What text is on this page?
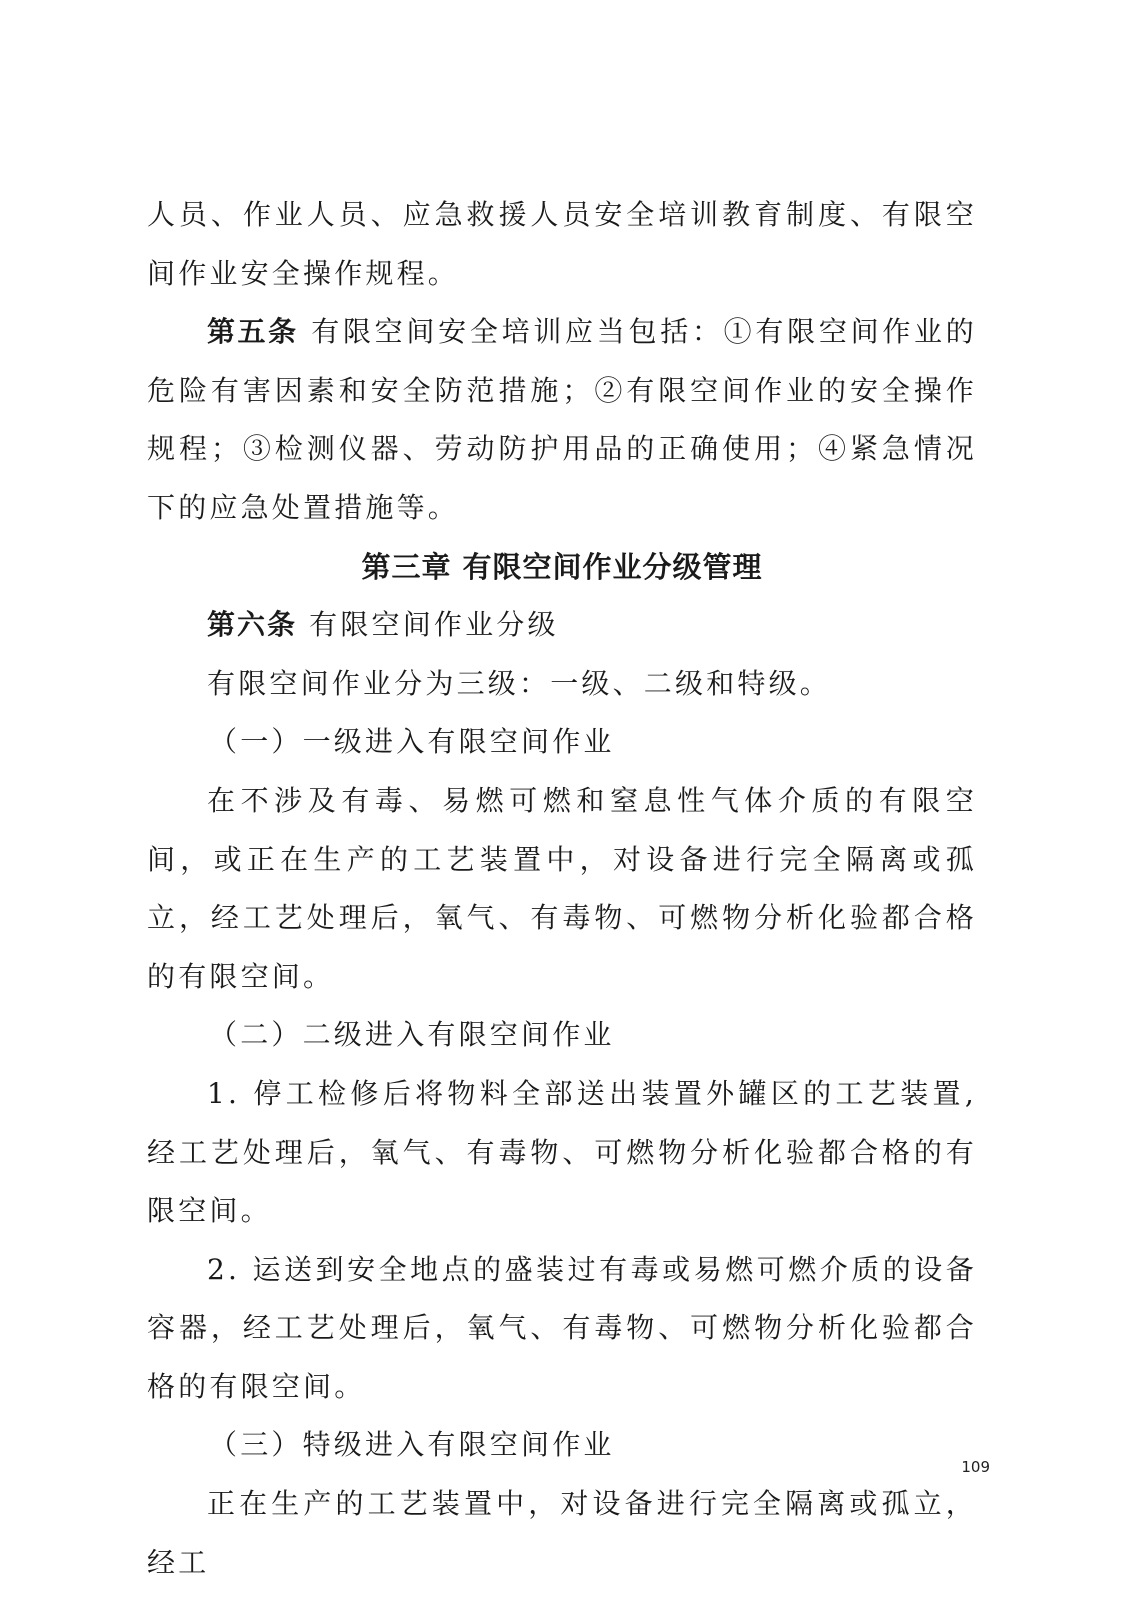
人员、作业人员、应急救援人员安全培训教育制度、有限空间作业安全操作规程。

第五条 有限空间安全培训应当包括：①有限空间作业的危险有害因素和安全防范措施；②有限空间作业的安全操作规程；③检测仪器、劳动防护用品的正确使用；④紧急情况下的应急处置措施等。

第三章 有限空间作业分级管理

第六条 有限空间作业分级

有限空间作业分为三级：一级、二级和特级。

（一）一级进入有限空间作业

在不涉及有毒、易燃可燃和窒息性气体介质的有限空间，或正在生产的工艺装置中，对设备进行完全隔离或孤立，经工艺处理后，氧气、有毒物、可燃物分析化验都合格的有限空间。

（二）二级进入有限空间作业

1. 停工检修后将物料全部送出装置外罐区的工艺装置,经工艺处理后，氧气、有毒物、可燃物分析化验都合格的有限空间。

2. 运送到安全地点的盛装过有毒或易燃可燃介质的设备容器，经工艺处理后，氧气、有毒物、可燃物分析化验都合格的有限空间。

（三）特级进入有限空间作业

正在生产的工艺装置中，对设备进行完全隔离或孤立，经工

109
